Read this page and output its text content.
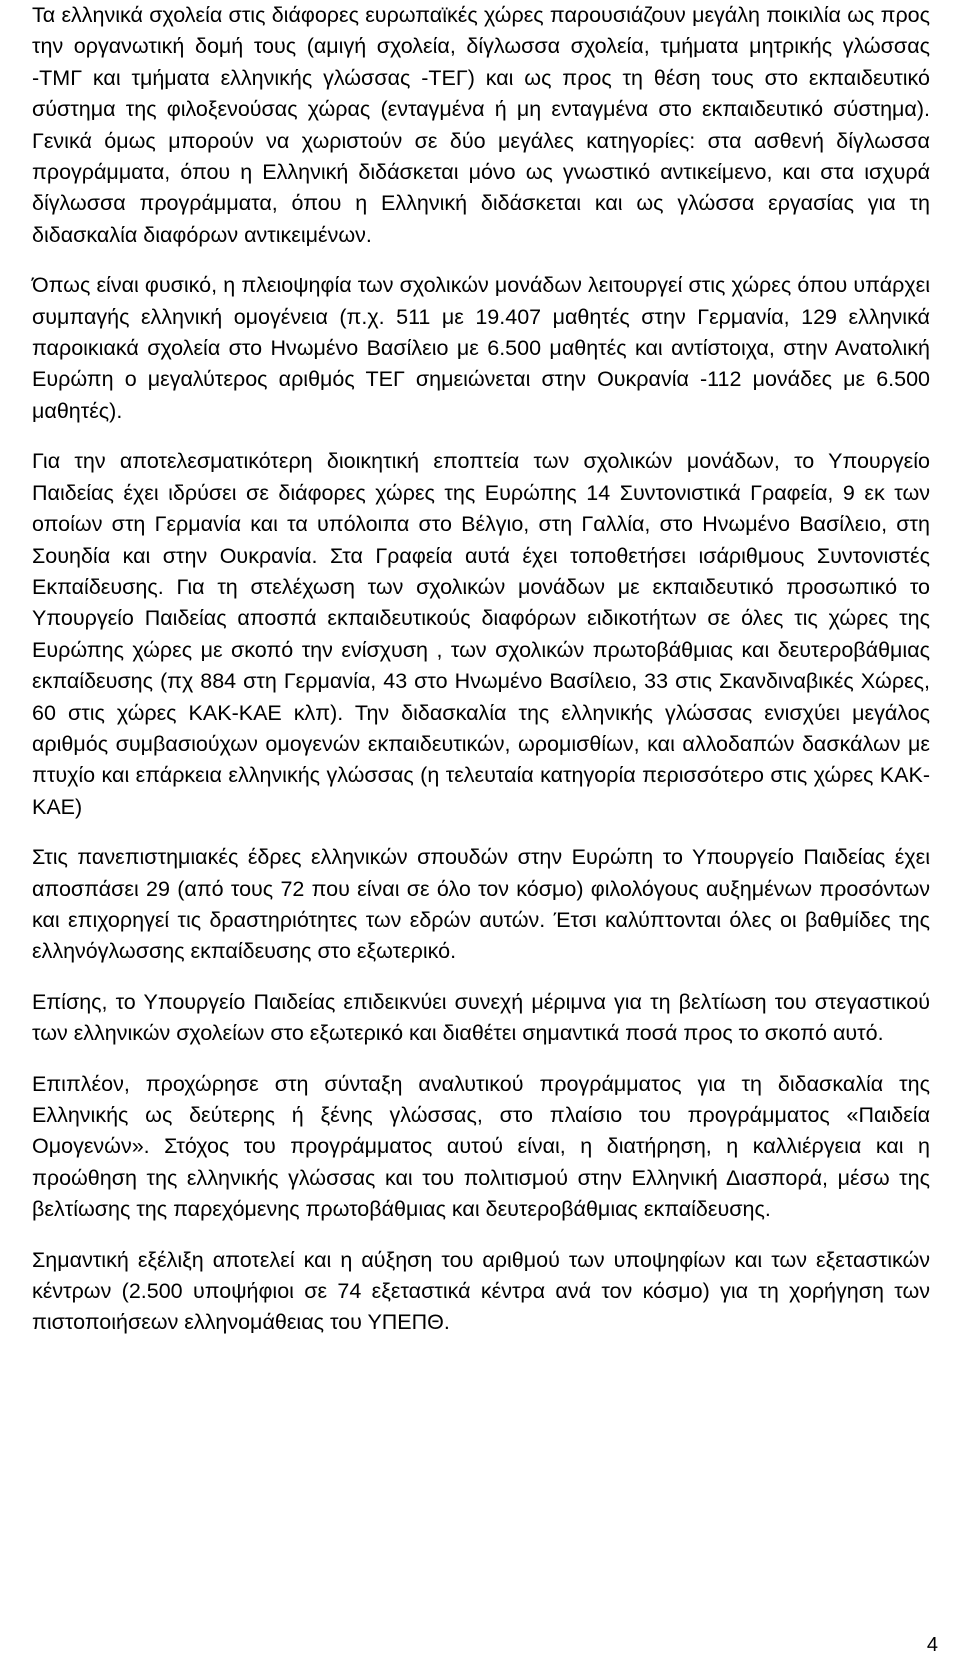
Τα ελληνικά σχολεία στις διάφορες ευρωπαϊκές χώρες παρουσιάζουν μεγάλη ποικιλία ως προς την οργανωτική δομή τους (αμιγή σχολεία, δίγλωσσα σχολεία, τμήματα μητρικής γλώσσας -ΤΜΓ και τμήματα ελληνικής γλώσσας -ΤΕΓ) και ως προς τη θέση τους στο εκπαιδευτικό σύστημα της φιλοξενούσας χώρας (ενταγμένα ή μη ενταγμένα στο εκπαιδευτικό σύστημα). Γενικά όμως μπορούν να χωριστούν σε δύο μεγάλες κατηγορίες: στα ασθενή δίγλωσσα προγράμματα, όπου η Ελληνική διδάσκεται μόνο ως γνωστικό αντικείμενο, και στα ισχυρά δίγλωσσα προγράμματα, όπου η Ελληνική διδάσκεται και ως γλώσσα εργασίας για τη διδασκαλία διαφόρων αντικειμένων.

Όπως είναι φυσικό, η πλειοψηφία των σχολικών μονάδων λειτουργεί στις χώρες όπου υπάρχει συμπαγής ελληνική ομογένεια (π.χ. 511 με 19.407 μαθητές στην Γερμανία, 129 ελληνικά παροικιακά σχολεία στο Ηνωμένο Βασίλειο με 6.500 μαθητές και αντίστοιχα, στην Ανατολική Ευρώπη ο μεγαλύτερος αριθμός ΤΕΓ σημειώνεται στην Ουκρανία -112 μονάδες με 6.500 μαθητές).

Για την αποτελεσματικότερη διοικητική εποπτεία των σχολικών μονάδων, το Υπουργείο Παιδείας έχει ιδρύσει σε διάφορες χώρες της Ευρώπης 14 Συντονιστικά Γραφεία, 9 εκ των οποίων στη Γερμανία και τα υπόλοιπα στο Βέλγιο, στη Γαλλία, στο Ηνωμένο Βασίλειο, στη Σουηδία και στην Ουκρανία. Στα Γραφεία αυτά έχει τοποθετήσει ισάριθμους Συντονιστές Εκπαίδευσης. Για τη στελέχωση των σχολικών μονάδων με εκπαιδευτικό προσωπικό το Υπουργείο Παιδείας αποσπά εκπαιδευτικούς διαφόρων ειδικοτήτων σε όλες τις χώρες της Ευρώπης χώρες με σκοπό την ενίσχυση , των σχολικών πρωτοβάθμιας και δευτεροβάθμιας εκπαίδευσης (πχ 884 στη Γερμανία, 43 στο Ηνωμένο Βασίλειο, 33 στις Σκανδιναβικές Χώρες, 60 στις χώρες ΚΑΚ-ΚΑΕ κλπ). Την διδασκαλία της ελληνικής γλώσσας ενισχύει μεγάλος αριθμός συμβασιούχων ομογενών εκπαιδευτικών, ωρομισθίων, και αλλοδαπών δασκάλων με πτυχίο και επάρκεια ελληνικής γλώσσας (η τελευταία κατηγορία περισσότερο στις χώρες ΚΑΚ-ΚΑΕ)

Στις πανεπιστημιακές έδρες ελληνικών σπουδών στην Ευρώπη το Υπουργείο Παιδείας έχει αποσπάσει 29 (από τους 72 που είναι σε όλο τον κόσμο) φιλολόγους αυξημένων προσόντων και επιχορηγεί τις δραστηριότητες των εδρών αυτών. Έτσι καλύπτονται όλες οι βαθμίδες της ελληνόγλωσσης εκπαίδευσης στο εξωτερικό.

Επίσης, το Υπουργείο Παιδείας επιδεικνύει συνεχή μέριμνα για τη βελτίωση του στεγαστικού των ελληνικών σχολείων στο εξωτερικό και διαθέτει σημαντικά ποσά προς το σκοπό αυτό.

Επιπλέον, προχώρησε στη σύνταξη αναλυτικού προγράμματος για τη διδασκαλία της Ελληνικής ως δεύτερης ή ξένης γλώσσας, στο πλαίσιο του προγράμματος «Παιδεία Ομογενών». Στόχος του προγράμματος αυτού είναι, η διατήρηση, η καλλιέργεια και η προώθηση της ελληνικής γλώσσας και του πολιτισμού στην Ελληνική Διασπορά, μέσω της βελτίωσης της παρεχόμενης πρωτοβάθμιας και δευτεροβάθμιας εκπαίδευσης.

Σημαντική εξέλιξη αποτελεί και η αύξηση του αριθμού των υποψηφίων και των εξεταστικών κέντρων (2.500 υποψήφιοι σε 74 εξεταστικά κέντρα ανά τον κόσμο) για τη χορήγηση των πιστοποιήσεων ελληνομάθειας του ΥΠΕΠΘ.

4
